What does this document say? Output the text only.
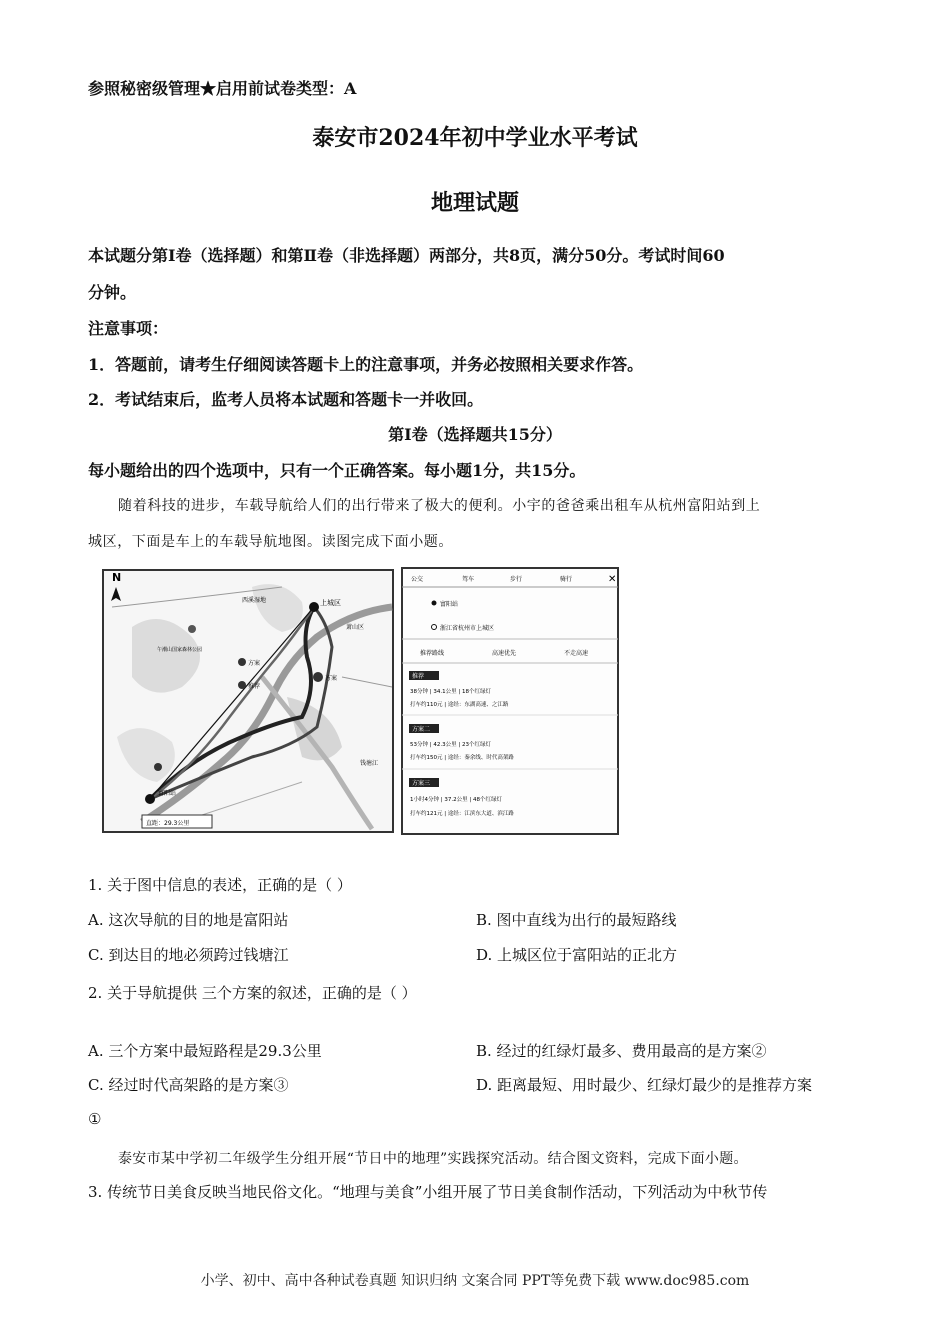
参照秘密级管理★启用前试卷类型：A
泰安市2024年初中学业水平考试
地理试题
本试题分第Ⅰ卷（选择题）和第Ⅱ卷（非选择题）两部分，共8页，满分50分。考试时间60
分钟。
注意事项：
1．答题前，请考生仔细阅读答题卡上的注意事项，并务必按照相关要求作答。
2．考试结束后，监考人员将本试题和答题卡一并收回。
第Ⅰ卷（选择题共15分）
每小题给出的四个选项中，只有一个正确答案。每小题1分，共15分。
随着科技的进步，车载导航给人们的出行带来了极大的便利。小宇的爸爸乘出租车从杭州富阳站到上
城区，下面是车上的车载导航地图。读图完成下面小题。
N
上城区
西溪湿地
萧山区
午潮山国家森林公园
方案
推荐
方案
钱塘江
富阳站
直距：29.3公里
✕
公交	驾车	步行	骑行
富阳站
浙江省杭州市上城区
推荐路线	高速优先	不走高速
推荐
38分钟 | 34.1公里 | 18个红绿灯
打车约110元 | 途经：东湖高速、之江路
方案二
53分钟 | 42.3公里 | 23个红绿灯
打车约150元 | 途经：秦余线、时代高架路
方案三
1小时4分钟 | 37.2公里 | 48个红绿灯
打车约121元 | 途经：江滨东大道、滨江路
1. 关于图中信息的表述，正确的是（ ）
A. 这次导航的目的地是富阳站	B. 图中直线为出行的最短路线
C. 到达目的地必须跨过钱塘江	D. 上城区位于富阳站的正北方
2. 关于导航提供 三个方案的叙述，正确的是（ ）
A. 三个方案中最短路程是29.3公里	B. 经过的红绿灯最多、费用最高的是方案②
C. 经过时代高架路的是方案③	D. 距离最短、用时最少、红绿灯最少的是推荐方案
①
泰安市某中学初二年级学生分组开展“节日中的地理”实践探究活动。结合图文资料，完成下面小题。
3. 传统节日美食反映当地民俗文化。“地理与美食”小组开展了节日美食制作活动，下列活动为中秋节传
小学、初中、高中各种试卷真题 知识归纳 文案合同 PPT等免费下载 www.doc985.com
